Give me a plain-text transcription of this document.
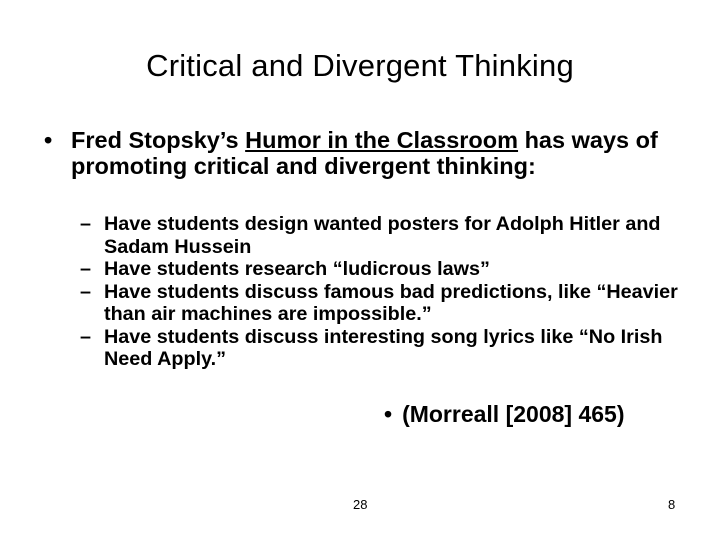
Critical and Divergent Thinking
• Fred Stopsky’s Humor in the Classroom has ways of promoting critical and divergent thinking:
– Have students design wanted posters for Adolph Hitler and Sadam Hussein
– Have students research “ludicrous laws”
– Have students discuss famous bad predictions, like “Heavier than air machines are impossible.”
– Have students discuss interesting song lyrics like “No Irish Need Apply.”
• (Morreall [2008] 465)
28	8
